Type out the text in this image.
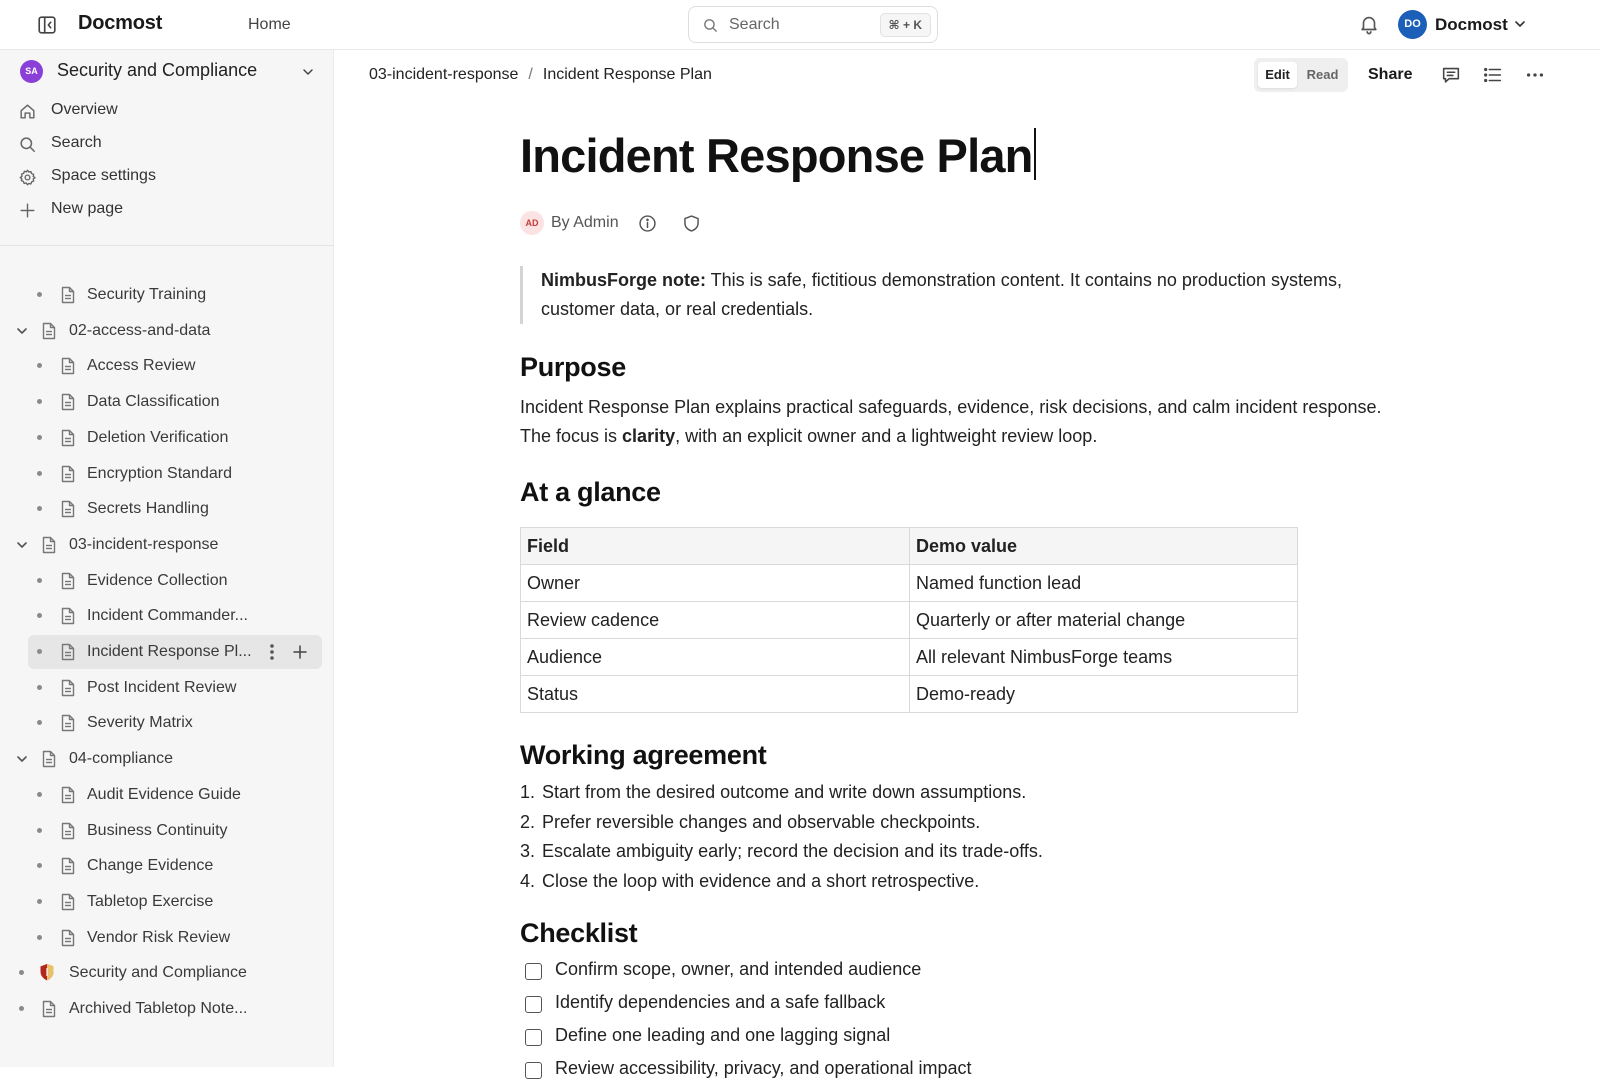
Docmost	Home	Search	⌘ + K	DO Docmost
SA Security and Compliance
Overview
Search
Space settings
New page
Security Training
02-access-and-data
Access Review
Data Classification
Deletion Verification
Encryption Standard
Secrets Handling
03-incident-response
Evidence Collection
Incident Commander...
Incident Response Pl...
Post Incident Review
Severity Matrix
04-compliance
Audit Evidence Guide
Business Continuity
Change Evidence
Tabletop Exercise
Vendor Risk Review
Security and Compliance
Archived Tabletop Note...
03-incident-response / Incident Response Plan	Edit	Read Share
Incident Response Plan
AD By Admin
NimbusForge note: This is safe, fictitious demonstration content. It contains no production systems, customer data, or real credentials.
Purpose
Incident Response Plan explains practical safeguards, evidence, risk decisions, and calm incident response. The focus is clarity, with an explicit owner and a lightweight review loop.
At a glance
Field	Demo value
Owner	Named function lead
Review cadence	Quarterly or after material change
Audience	All relevant NimbusForge teams
Status	Demo-ready
Working agreement
1. Start from the desired outcome and write down assumptions.
2. Prefer reversible changes and observable checkpoints.
3. Escalate ambiguity early; record the decision and its trade-offs.
4. Close the loop with evidence and a short retrospective.
Checklist
Confirm scope, owner, and intended audience
Identify dependencies and a safe fallback
Define one leading and one lagging signal
Review accessibility, privacy, and operational impact
